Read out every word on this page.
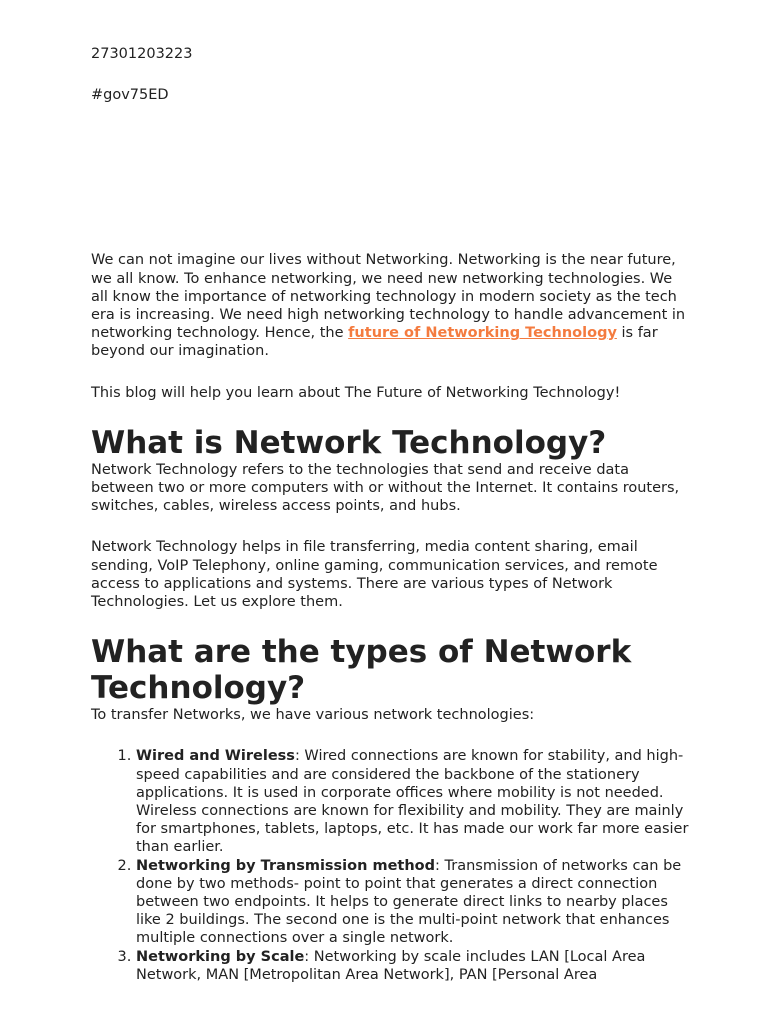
27301203223

#gov75ED

We can not imagine our lives without Networking. Networking is the near future, we all know. To enhance networking, we need new networking technologies. We all know the importance of networking technology in modern society as the tech era is increasing. We need high networking technology to handle advancement in networking technology. Hence, the future of Networking Technology is far beyond our imagination.

This blog will help you learn about The Future of Networking Technology!

What is Network Technology?

Network Technology refers to the technologies that send and receive data between two or more computers with or without the Internet. It contains routers, switches, cables, wireless access points, and hubs.

Network Technology helps in file transferring, media content sharing, email sending, VoIP Telephony, online gaming, communication services, and remote access to applications and systems. There are various types of Network Technologies. Let us explore them.

What are the types of Network Technology?

To transfer Networks, we have various network technologies:

1. Wired and Wireless: Wired connections are known for stability, and high-speed capabilities and are considered the backbone of the stationery applications. It is used in corporate offices where mobility is not needed. Wireless connections are known for flexibility and mobility. They are mainly for smartphones, tablets, laptops, etc. It has made our work far more easier than earlier.
2. Networking by Transmission method: Transmission of networks can be done by two methods- point to point that generates a direct connection between two endpoints. It helps to generate direct links to nearby places like 2 buildings. The second one is the multi-point network that enhances multiple connections over a single network.
3. Networking by Scale: Networking by scale includes LAN [Local Area Network, MAN [Metropolitan Area Network], PAN [Personal Area
